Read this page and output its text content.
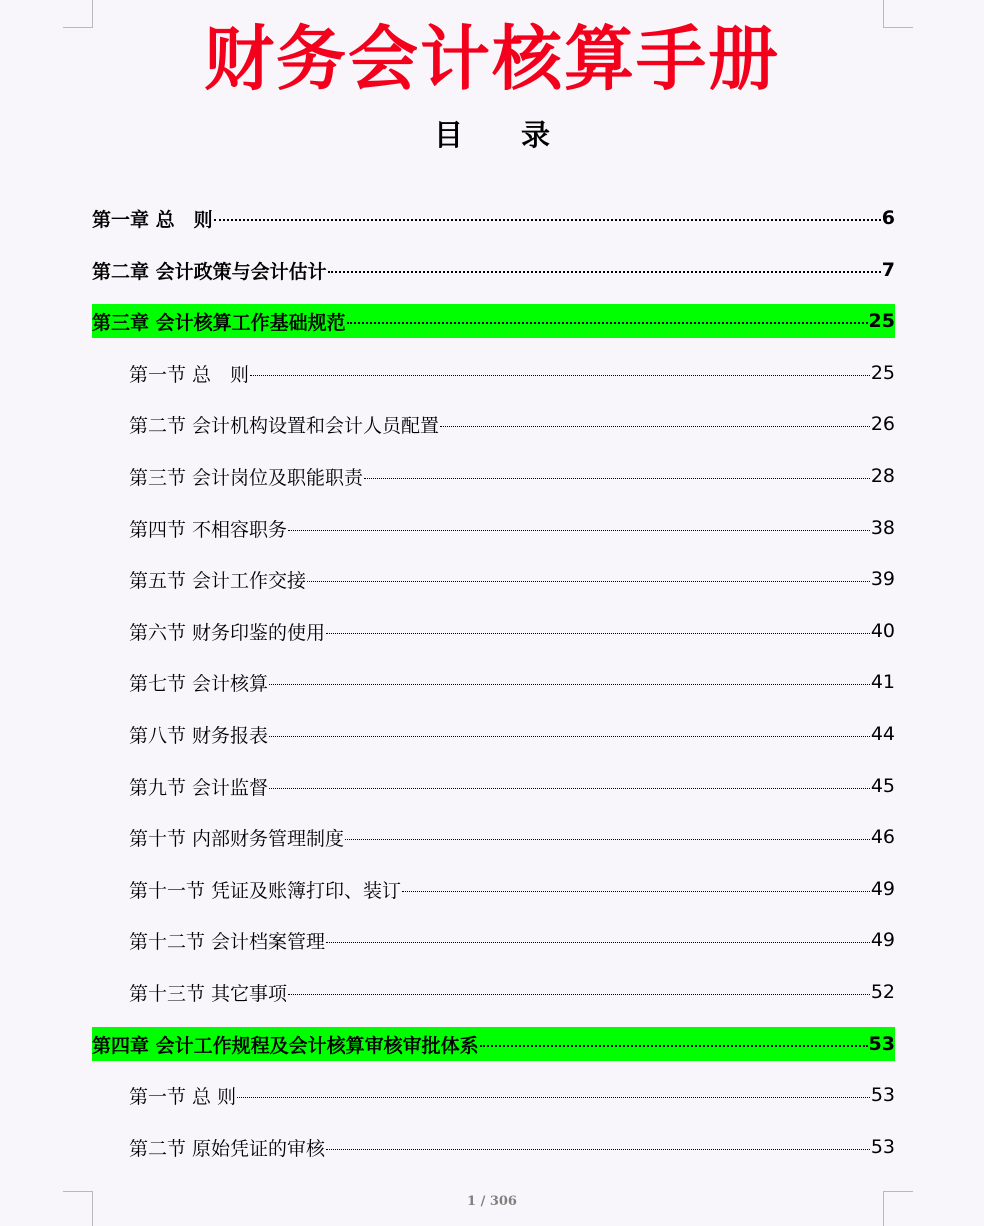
财务会计核算手册
目　　录
第一章 总　则	6
第二章 会计政策与会计估计	7
第三章 会计核算工作基础规范	25
第一节 总　则	25
第二节 会计机构设置和会计人员配置	26
第三节 会计岗位及职能职责	28
第四节 不相容职务	38
第五节 会计工作交接	39
第六节 财务印鉴的使用	40
第七节 会计核算	41
第八节 财务报表	44
第九节 会计监督	45
第十节 内部财务管理制度	46
第十一节 凭证及账簿打印、装订	49
第十二节 会计档案管理	49
第十三节 其它事项	52
第四章 会计工作规程及会计核算审核审批体系	53
第一节 总 则	53
第二节 原始凭证的审核	53
1 / 306
